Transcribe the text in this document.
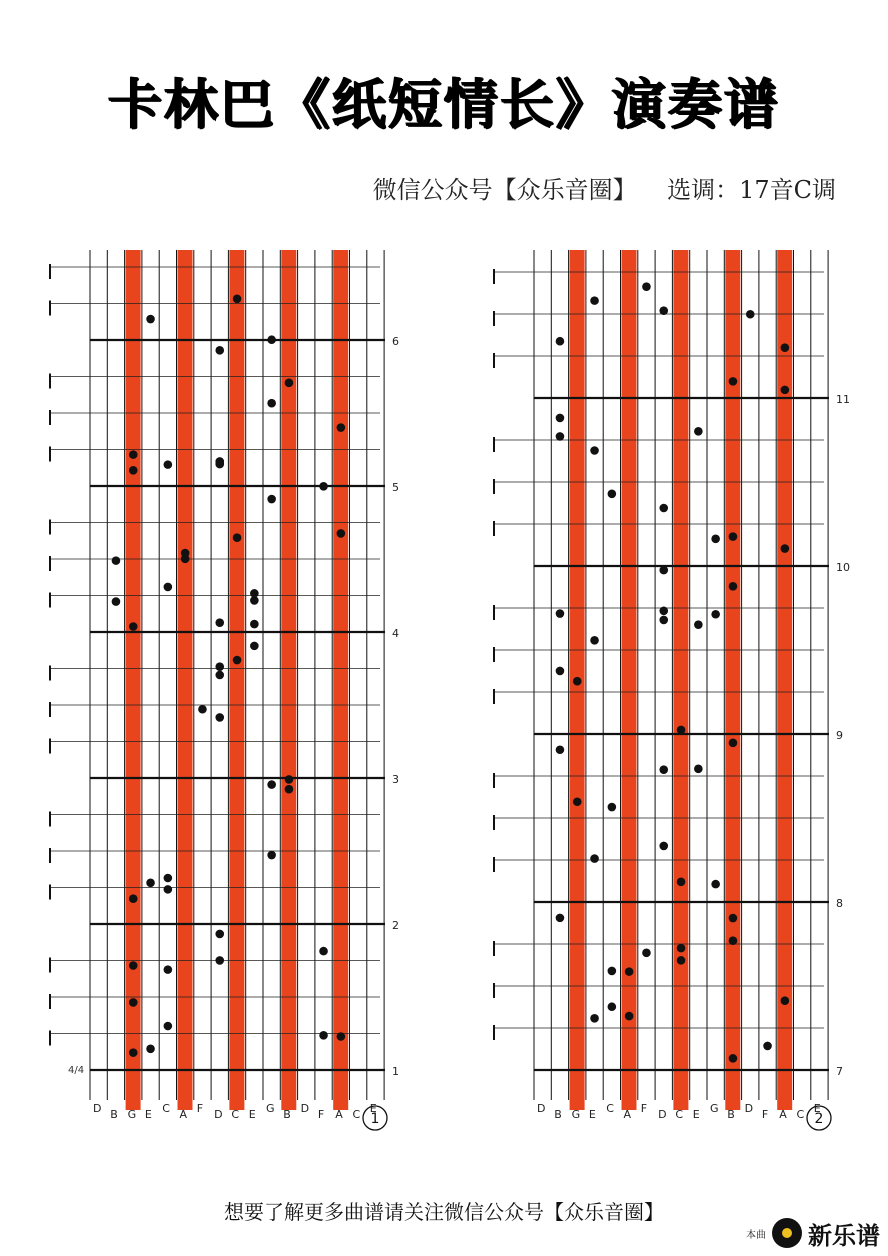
卡林巴《纸短情长》演奏谱
微信公众号【众乐音圈】    选调：17音C调
1
2
3
4
5
6
D B G E C A F D C E G B D F A C E
4/4
1
7
8
9
10
11
D B G E C A F D C E G B D F A C E
2
想要了解更多曲谱请关注微信公众号【众乐音圈】
本曲 新乐谱
